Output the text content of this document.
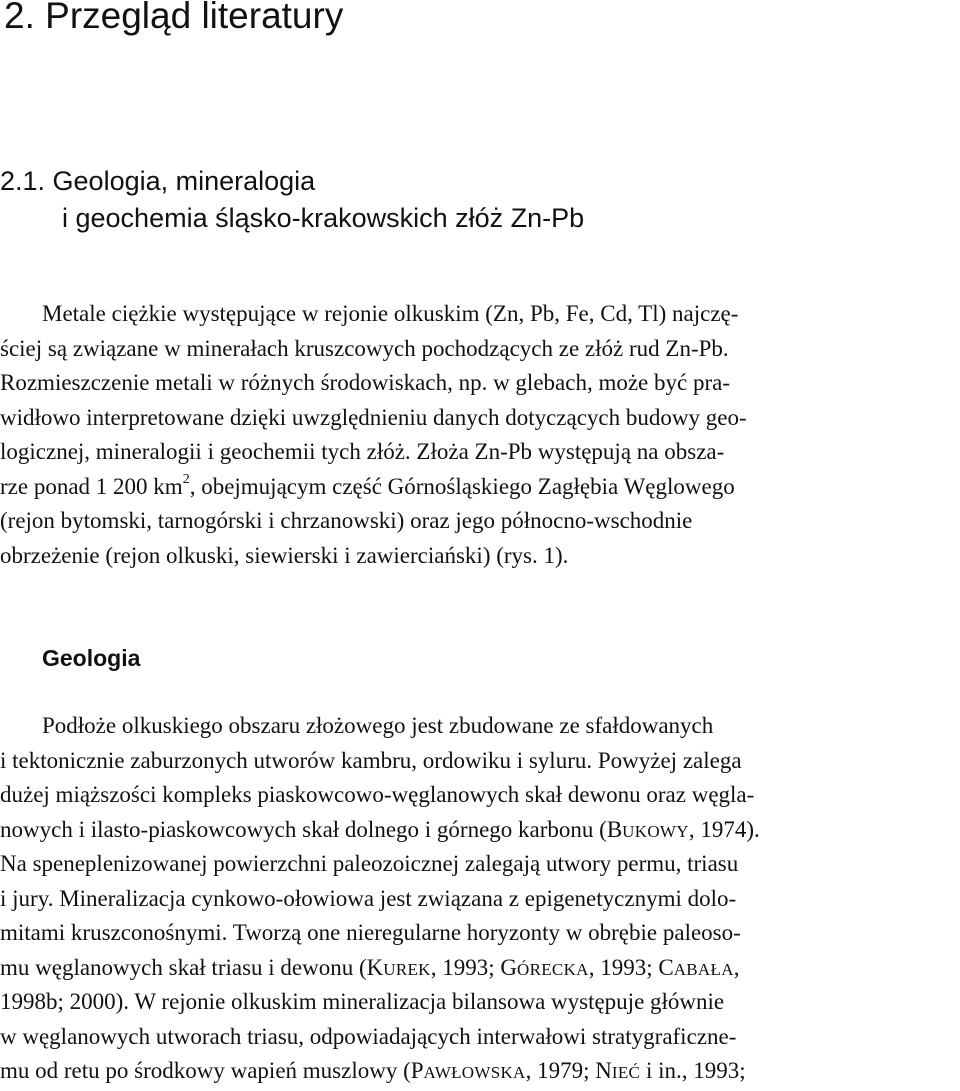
2. Przegląd literatury
2.1. Geologia, mineralogia
i geochemia śląsko-krakowskich złóż Zn-Pb
Metale ciężkie występujące w rejonie olkuskim (Zn, Pb, Fe, Cd, Tl) najczę-
ściej są związane w minerałach kruszcowych pochodzących ze złóż rud Zn-Pb.
Rozmieszczenie metali w różnych środowiskach, np. w glebach, może być pra-
widłowo interpretowane dzięki uwzględnieniu danych dotyczących budowy geo-
logicznej, mineralogii i geochemii tych złóż. Złoża Zn-Pb występują na obsza-
rze ponad 1 200 $km^2$, obejmującym część Górnośląskiego Zagłębia Węglowego
(rejon bytomski, tarnogórski i chrzanowski) oraz jego północno-wschodnie
obrzeżenie (rejon olkuski, siewierski i zawierciański) (rys. 1).
Geologia
Podłoże olkuskiego obszaru złożowego jest zbudowane ze sfałdowanych
i tektonicznie zaburzonych utworów kambru, ordowiku i syluru. Powyżej zalega
dużej miąższości kompleks piaskowcowo-węglanowych skał dewonu oraz węgla-
nowych i ilasto-piaskowcowych skał dolnego i górnego karbonu (BUKOWY, 1974).
Na speneplenizowanej powierzchni paleozoicznej zalegają utwory permu, triasu
i jury. Mineralizacja cynkowo-ołowiowa jest związana z epigenetycznymi dolo-
mitami kruszconośnymi. Tworzą one nieregularne horyzonty w obrębie paleoso-
mu węglanowych skał triasu i dewonu (KUREK, 1993; GÓRECKA, 1993; CABAŁA,
1998b; 2000). W rejonie olkuskim mineralizacja bilansowa występuje głównie
w węglanowych utworach triasu, odpowiadających interwałowi stratygraficzne-
mu od retu po środkowy wapień muszlowy (PAWŁOWSKA, 1979; NIEĆ i in., 1993;
